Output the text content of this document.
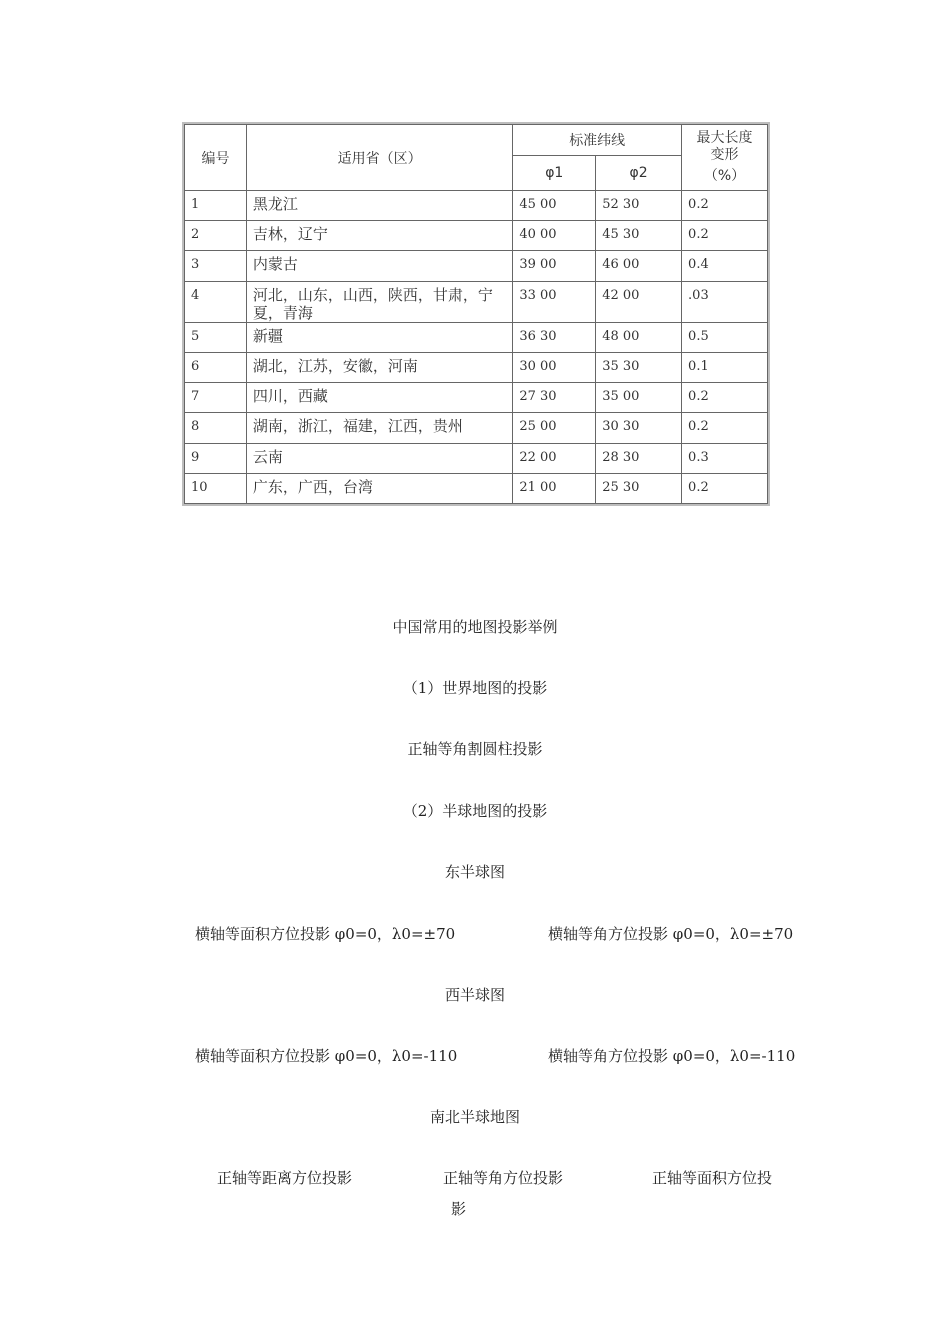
编号	适用省（区）	标准纬线		最大长度
变形
（%）

		φ1	φ2	
1	黑龙江	45 00	52 30	0.2
2	吉林，辽宁	40 00	45 30	0.2
3	内蒙古	39 00	46 00	0.4
4	河北，山东，山西，陕西，甘肃，宁夏，青海	33 00	42 00	.03
5	新疆	36 30	48 00	0.5
6	湖北，江苏，安徽，河南	30 00	35 30	0.1
7	四川，西藏	27 30	35 00	0.2
8	湖南，浙江，福建，江西，贵州	25 00	30 30	0.2
9	云南	22 00	28 30	0.3
10	广东，广西，台湾	21 00	25 30	0.2
中国常用的地图投影举例
（1）世界地图的投影
正轴等角割圆柱投影
（2）半球地图的投影
东半球图
横轴等面积方位投影 φ0=0，λ0=±70	横轴等角方位投影 φ0=0，λ0=±70
西半球图
横轴等面积方位投影 φ0=0，λ0=-110	横轴等角方位投影 φ0=0，λ0=-110
南北半球地图
正轴等距离方位投影	正轴等角方位投影	正轴等面积方位投
影
